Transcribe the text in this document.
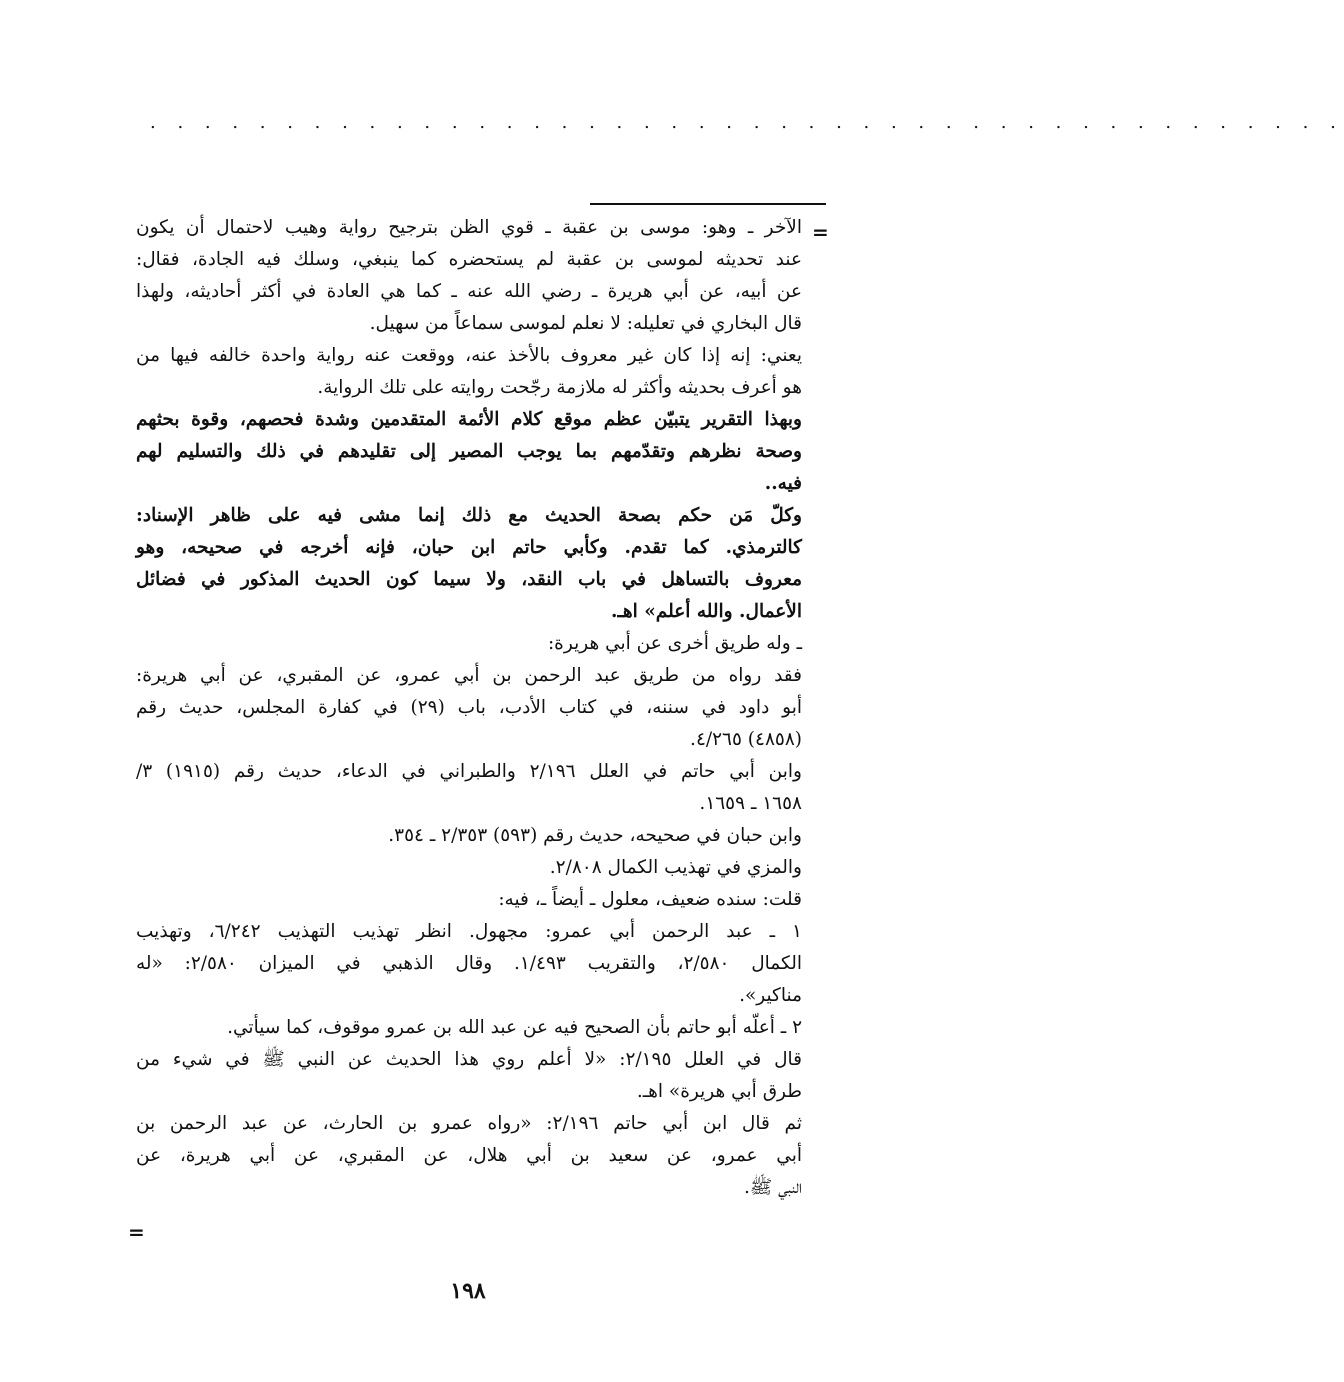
. . . . . . . . . . . . . . . . . . . . . . . . . . . . . . . . . . . . . . . . . . . .
=
الآخر ـ وهو: موسى بن عقبة ـ قوي الظن بترجيح رواية وهيب لاحتمال أن يكون
عند تحديثه لموسى بن عقبة لم يستحضره كما ينبغي، وسلك فيه الجادة، فقال:
عن أبيه، عن أبي هريرة ـ رضي الله عنه ـ كما هي العادة في أكثر أحاديثه، ولهذا
قال البخاري في تعليله: لا نعلم لموسى سماعاً من سهيل.
يعني: إنه إذا كان غير معروف بالأخذ عنه، ووقعت عنه رواية واحدة خالفه فيها من
هو أعرف بحديثه وأكثر له ملازمة رجّحت روايته على تلك الرواية.
وبهذا التقرير يتبيّن عظم موقع كلام الأئمة المتقدمين وشدة فحصهم، وقوة بحثهم
وصحة نظرهم وتقدّمهم بما يوجب المصير إلى تقليدهم في ذلك والتسليم لهم
فيه..
وكلّ مَن حكم بصحة الحديث مع ذلك إنما مشى فيه على ظاهر الإسناد:
كالترمذي. كما تقدم. وكأبي حاتم ابن حبان، فإنه أخرجه في صحيحه، وهو
معروف بالتساهل في باب النقد، ولا سيما كون الحديث المذكور في فضائل
الأعمال. والله أعلم» اهـ.
ـ وله طريق أخرى عن أبي هريرة:
فقد رواه من طريق عبد الرحمن بن أبي عمرو، عن المقبري، عن أبي هريرة:
أبو داود في سننه، في كتاب الأدب، باب (٢٩) في كفارة المجلس، حديث رقم
(٤٨٥٨) ٤/٢٦٥.
وابن أبي حاتم في العلل ٢/١٩٦ والطبراني في الدعاء، حديث رقم (١٩١٥) ٣/
١٦٥٨ ـ ١٦٥٩.
وابن حبان في صحيحه، حديث رقم (٥٩٣) ٢/٣٥٣ ـ ٣٥٤.
والمزي في تهذيب الكمال ٢/٨٠٨.
قلت: سنده ضعيف، معلول ـ أيضاً ـ، فيه:
١ ـ عبد الرحمن أبي عمرو: مجهول. انظر تهذيب التهذيب ٦/٢٤٢، وتهذيب
الكمال ٢/٥٨٠، والتقريب ١/٤٩٣. وقال الذهبي في الميزان ٢/٥٨٠: «له
مناكير».
٢ ـ أعلّه أبو حاتم بأن الصحيح فيه عن عبد الله بن عمرو موقوف، كما سيأتي.
قال في العلل ٢/١٩٥: «لا أعلم روي هذا الحديث عن النبي ﷺ في شيء من
طرق أبي هريرة» اهـ.
ثم قال ابن أبي حاتم ٢/١٩٦: «رواه عمرو بن الحارث، عن عبد الرحمن بن
أبي عمرو، عن سعيد بن أبي هلال، عن المقبري، عن أبي هريرة، عن
النبي ﷺ.
=
١٩٨
